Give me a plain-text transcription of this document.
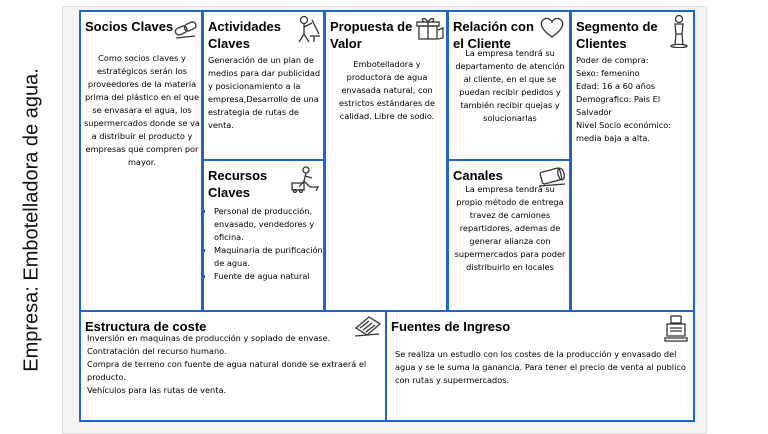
Empresa: Embotelladora de agua.
Socios Claves
Como socios claves y estratégicos serán los proveedores de la materia prima del plástico en el que se envasara el agua, los supermercados donde se va a distribuir el producto y empresas que compren por mayor.
Actividades Claves
Generación de un plan de medios para dar publicidad y posicionamiento a la empresa,Desarrollo de una estrategia de rutas de venta.
Recursos Claves
• Personal de producción, envasado, vendedores y oficina.
• Maquinaria de purificación de agua.
• Fuente de agua natural
Propuesta de Valor
Embotelladora y productora de agua envasada natural, con estrictos estándares de calidad. Libre de sodio.
Relación con el Cliente
La empresa tendrá su departamento de atención al cliente, en el que se puedan recibir pedidos y también recibir quejas y solucionarlas
Canales
La empresa tendrá su propio método de entrega travez de camiones repartidores, ademas de generar alianza con supermercados para poder distribuirlo en locales
Segmento de Clientes
Poder de compra:
Sexo: femenino
Edad: 16 a 60 años
Demografico: Pais El Salvador
Nivel Socio económico: media baja a alta.
Estructura de coste
Inversión en maquinas de producción y soplado de envase.
Contratación del recurso humano.
Compra de terreno con fuente de agua natural donde se extraerá el producto.
Vehículos para las rutas de venta.
Fuentes de Ingreso
Se realiza un estudio con los costes de la producción y envasado del agua y se le suma la ganancia. Para tener el precio de venta al publico con rutas y supermercados.
